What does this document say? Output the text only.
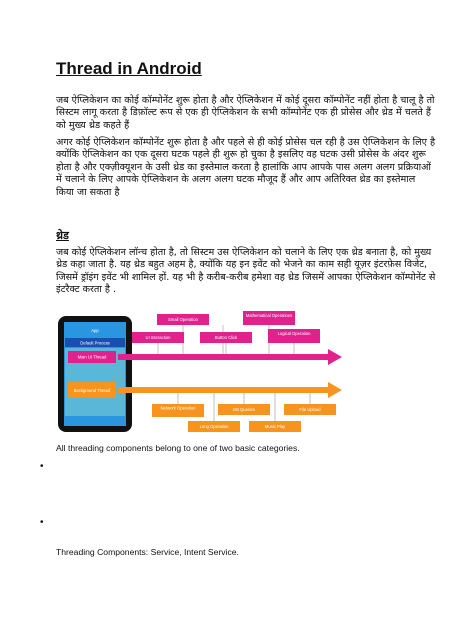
Thread in Android
जब ऐप्लिकेशन का कोई कॉम्पोनेंट शुरू होता है और ऐप्लिकेशन में कोई दूसरा कॉम्पोनेंट नहीं होता है चालू है तो सिस्टम लागू करता है डिफ़ॉल्ट रूप से एक ही ऐप्लिकेशन के सभी कॉम्पोनेंट एक ही प्रोसेस और थ्रेड में चलते हैं को मुख्य थ्रेड कहते हैं
अगर कोई ऐप्लिकेशन कॉम्पोनेंट शुरू होता है और पहले से ही कोई प्रोसेस चल रही है उस ऐप्लिकेशन के लिए है क्योंकि ऐप्लिकेशन का एक दूसरा घटक पहले ही शुरू हो चुका है इसलिए वह घटक उसी प्रोसेस के अंदर शुरू होता है और एक्ज़ीक्यूशन के उसी थ्रेड का इस्तेमाल करता है हालांकि आप आपके पास अलग अलग प्रक्रियाओं में चलाने के लिए आपके ऐप्लिकेशन के अलग अलग घटक मौजूद हैं और आप अतिरिक्त थ्रेड का इस्तेमाल किया जा सकता है
थ्रेड
जब कोई ऐप्लिकेशन लॉन्च होता है, तो सिस्टम उस ऐप्लिकेशन को चलाने के लिए एक थ्रेड बनाता है, को मुख्य थ्रेड कहा जाता है. यह थ्रेड बहुत अहम है, क्योंकि यह इन इवेंट को भेजने का काम सही यूज़र इंटरफ़ेस विजेट, जिसमें ड्रॉइंग इवेंट भी शामिल हों. यह भी है करीब-करीब हमेशा वह थ्रेड जिसमें आपका ऐप्लिकेशन कॉम्पोनेंट से इंटरैक्ट करता है .
App
Default Process
Main UI Thread
Background Thread
Small Operation
Mathematical Operations
UI Interaction	Button Click
Logical Operation
Network Operation	DB Queries	File Upload
Long Operation	Music Play
All threading components belong to one of two basic categories.
•
•
Threading Components: Service, Intent Service.
